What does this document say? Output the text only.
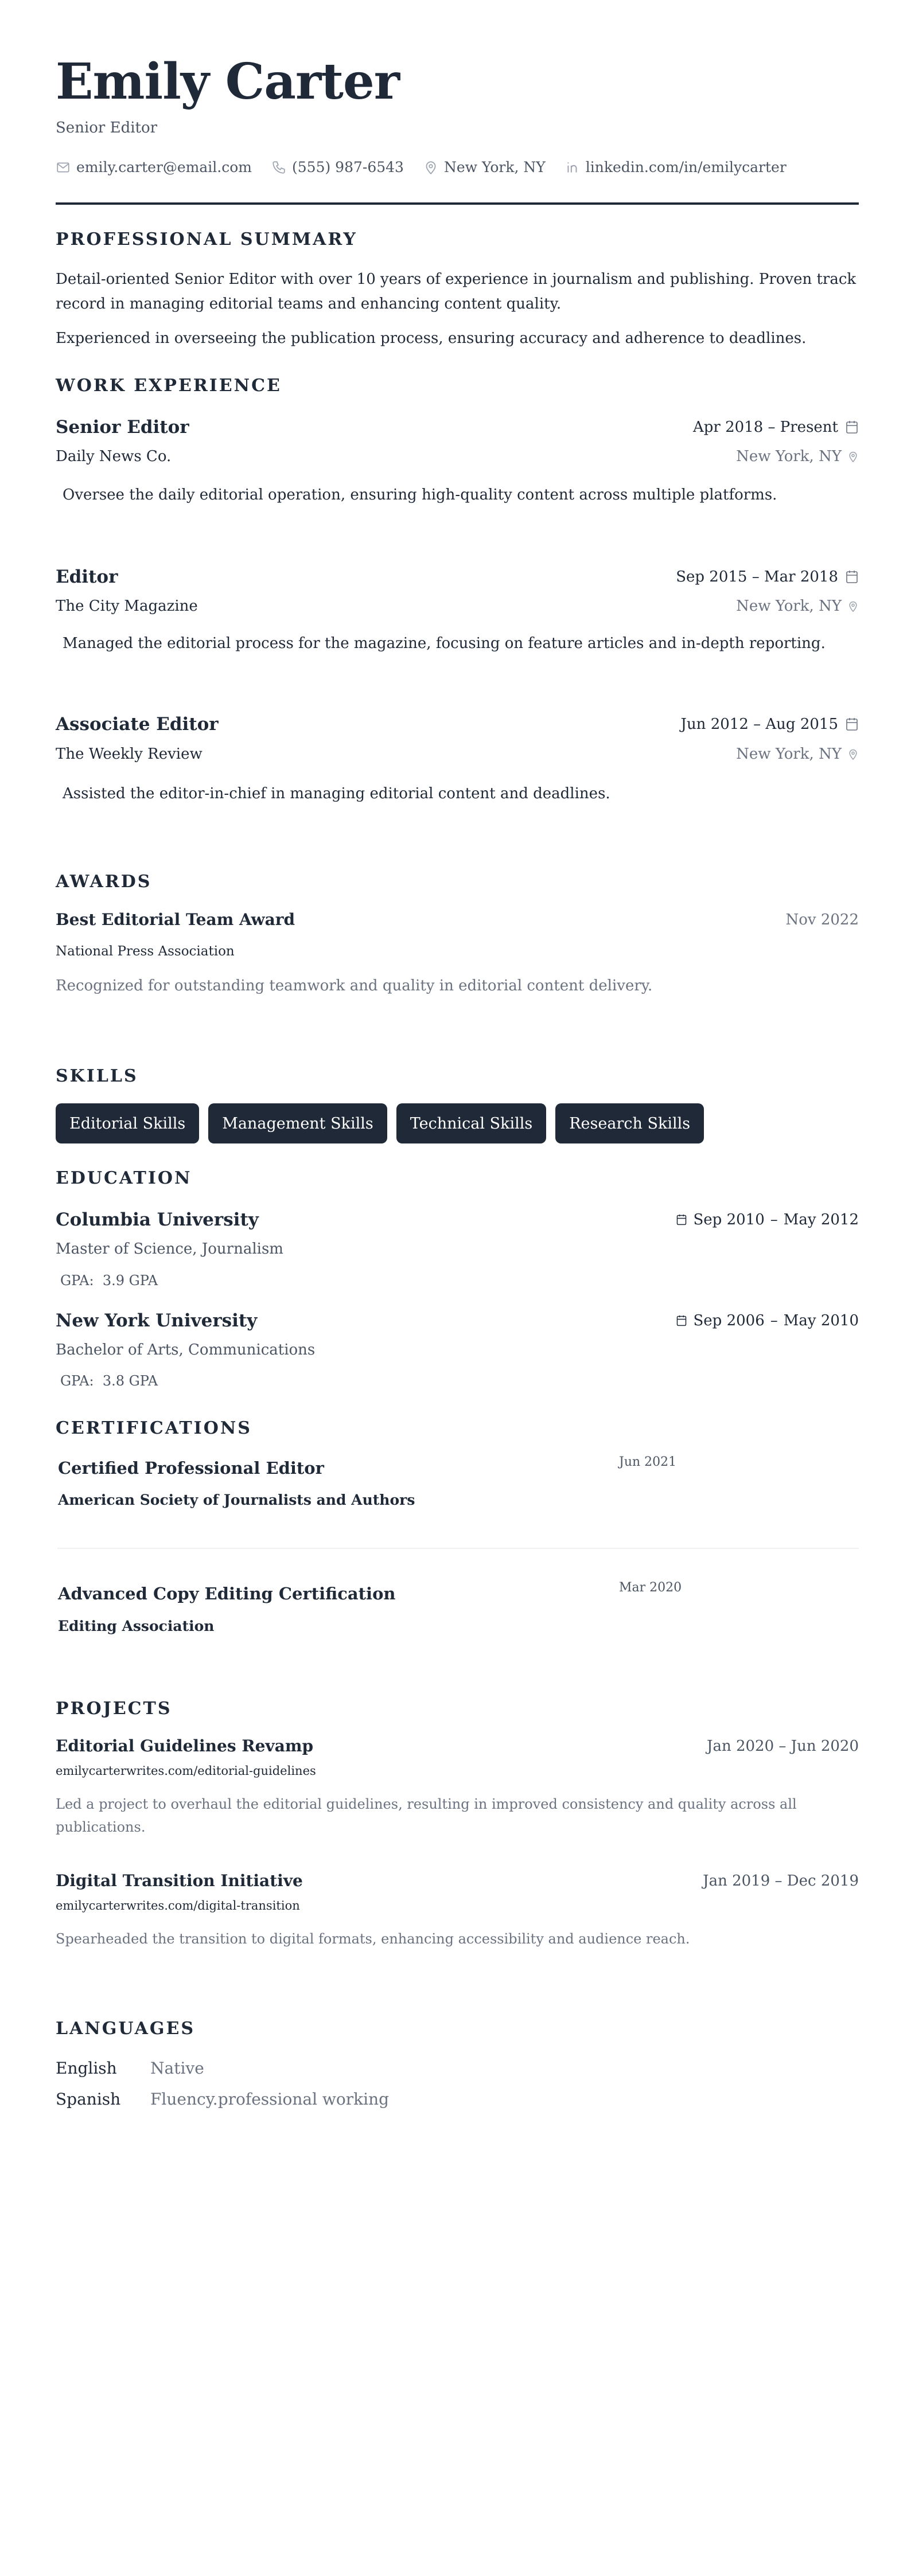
Emily Carter
Senior Editor
emily.carter@email.com	(555) 987-6543	New York, NY	linkedin.com/in/emilycarter
PROFESSIONAL SUMMARY
Detail-oriented Senior Editor with over 10 years of experience in journalism and publishing. Proven track record in managing editorial teams and enhancing content quality.
Experienced in overseeing the publication process, ensuring accuracy and adherence to deadlines.
WORK EXPERIENCE
Senior Editor	Apr 2018 – Present
Daily News Co.	New York, NY
Oversee the daily editorial operation, ensuring high-quality content across multiple platforms.
Editor	Sep 2015 – Mar 2018
The City Magazine	New York, NY
Managed the editorial process for the magazine, focusing on feature articles and in-depth reporting.
Associate Editor	Jun 2012 – Aug 2015
The Weekly Review	New York, NY
Assisted the editor-in-chief in managing editorial content and deadlines.
AWARDS
Best Editorial Team Award	Nov 2022
National Press Association
Recognized for outstanding teamwork and quality in editorial content delivery.
SKILLS
Editorial Skills	Management Skills	Technical Skills	Research Skills
EDUCATION
Columbia University	Sep 2010 – May 2012
Master of Science, Journalism
GPA: 3.9 GPA
New York University	Sep 2006 – May 2010
Bachelor of Arts, Communications
GPA: 3.8 GPA
CERTIFICATIONS
Certified Professional Editor	Jun 2021
American Society of Journalists and Authors
Advanced Copy Editing Certification	Mar 2020
Editing Association
PROJECTS
Editorial Guidelines Revamp	Jan 2020 – Jun 2020
emilycarterwrites.com/editorial-guidelines
Led a project to overhaul the editorial guidelines, resulting in improved consistency and quality across all publications.
Digital Transition Initiative	Jan 2019 – Dec 2019
emilycarterwrites.com/digital-transition
Spearheaded the transition to digital formats, enhancing accessibility and audience reach.
LANGUAGES
English	Native
Spanish	Fluency.professional working
